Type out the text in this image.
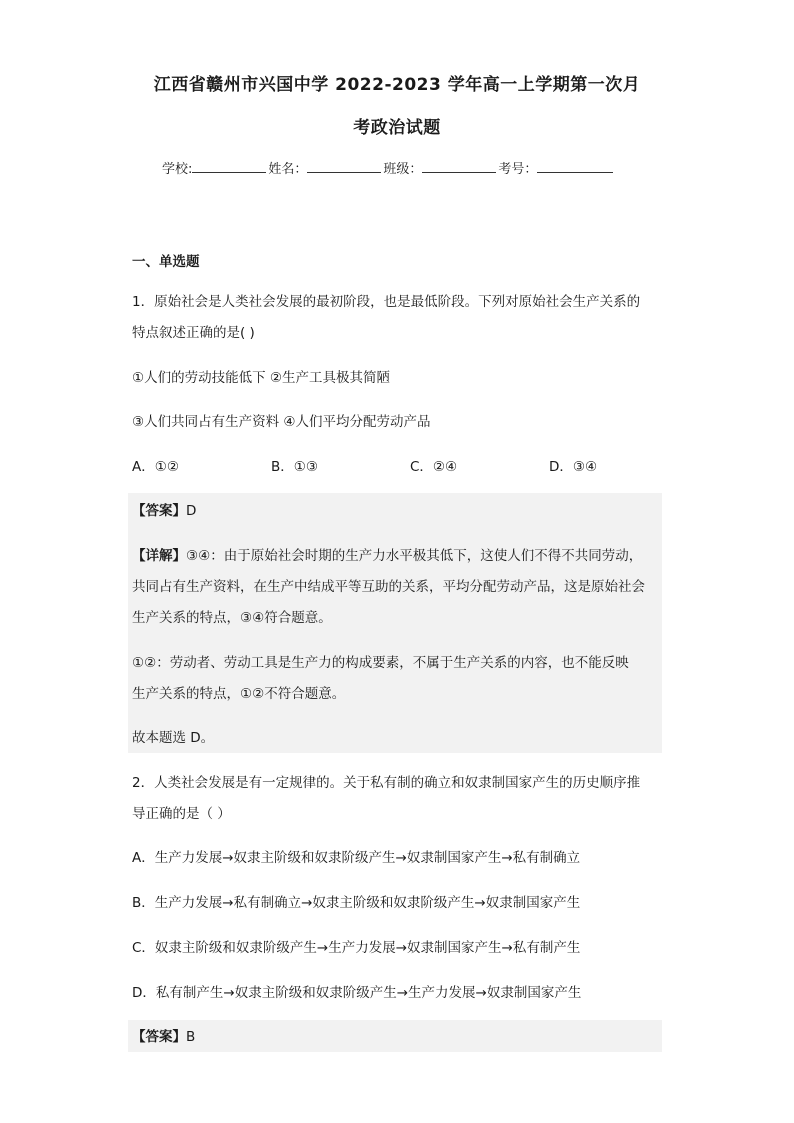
江西省赣州市兴国中学 2022-2023 学年高一上学期第一次月
考政治试题
学校:	姓名：	班级：	考号：
一、单选题
1．原始社会是人类社会发展的最初阶段，也是最低阶段。下列对原始社会生产关系的
特点叙述正确的是( )
①人们的劳动技能低下 ②生产工具极其简陋
③人们共同占有生产资料 ④人们平均分配劳动产品
A．①②	B．①③	C．②④	D．③④
【答案】D
【详解】③④：由于原始社会时期的生产力水平极其低下，这使人们不得不共同劳动，
共同占有生产资料，在生产中结成平等互助的关系，平均分配劳动产品，这是原始社会
生产关系的特点，③④符合题意。
①②：劳动者、劳动工具是生产力的构成要素，不属于生产关系的内容，也不能反映
生产关系的特点，①②不符合题意。
故本题选 D。
2．人类社会发展是有一定规律的。关于私有制的确立和奴隶制国家产生的历史顺序推
导正确的是（ ）
A．生产力发展→奴隶主阶级和奴隶阶级产生→奴隶制国家产生→私有制确立
B．生产力发展→私有制确立→奴隶主阶级和奴隶阶级产生→奴隶制国家产生
C．奴隶主阶级和奴隶阶级产生→生产力发展→奴隶制国家产生→私有制产生
D．私有制产生→奴隶主阶级和奴隶阶级产生→生产力发展→奴隶制国家产生
【答案】B
